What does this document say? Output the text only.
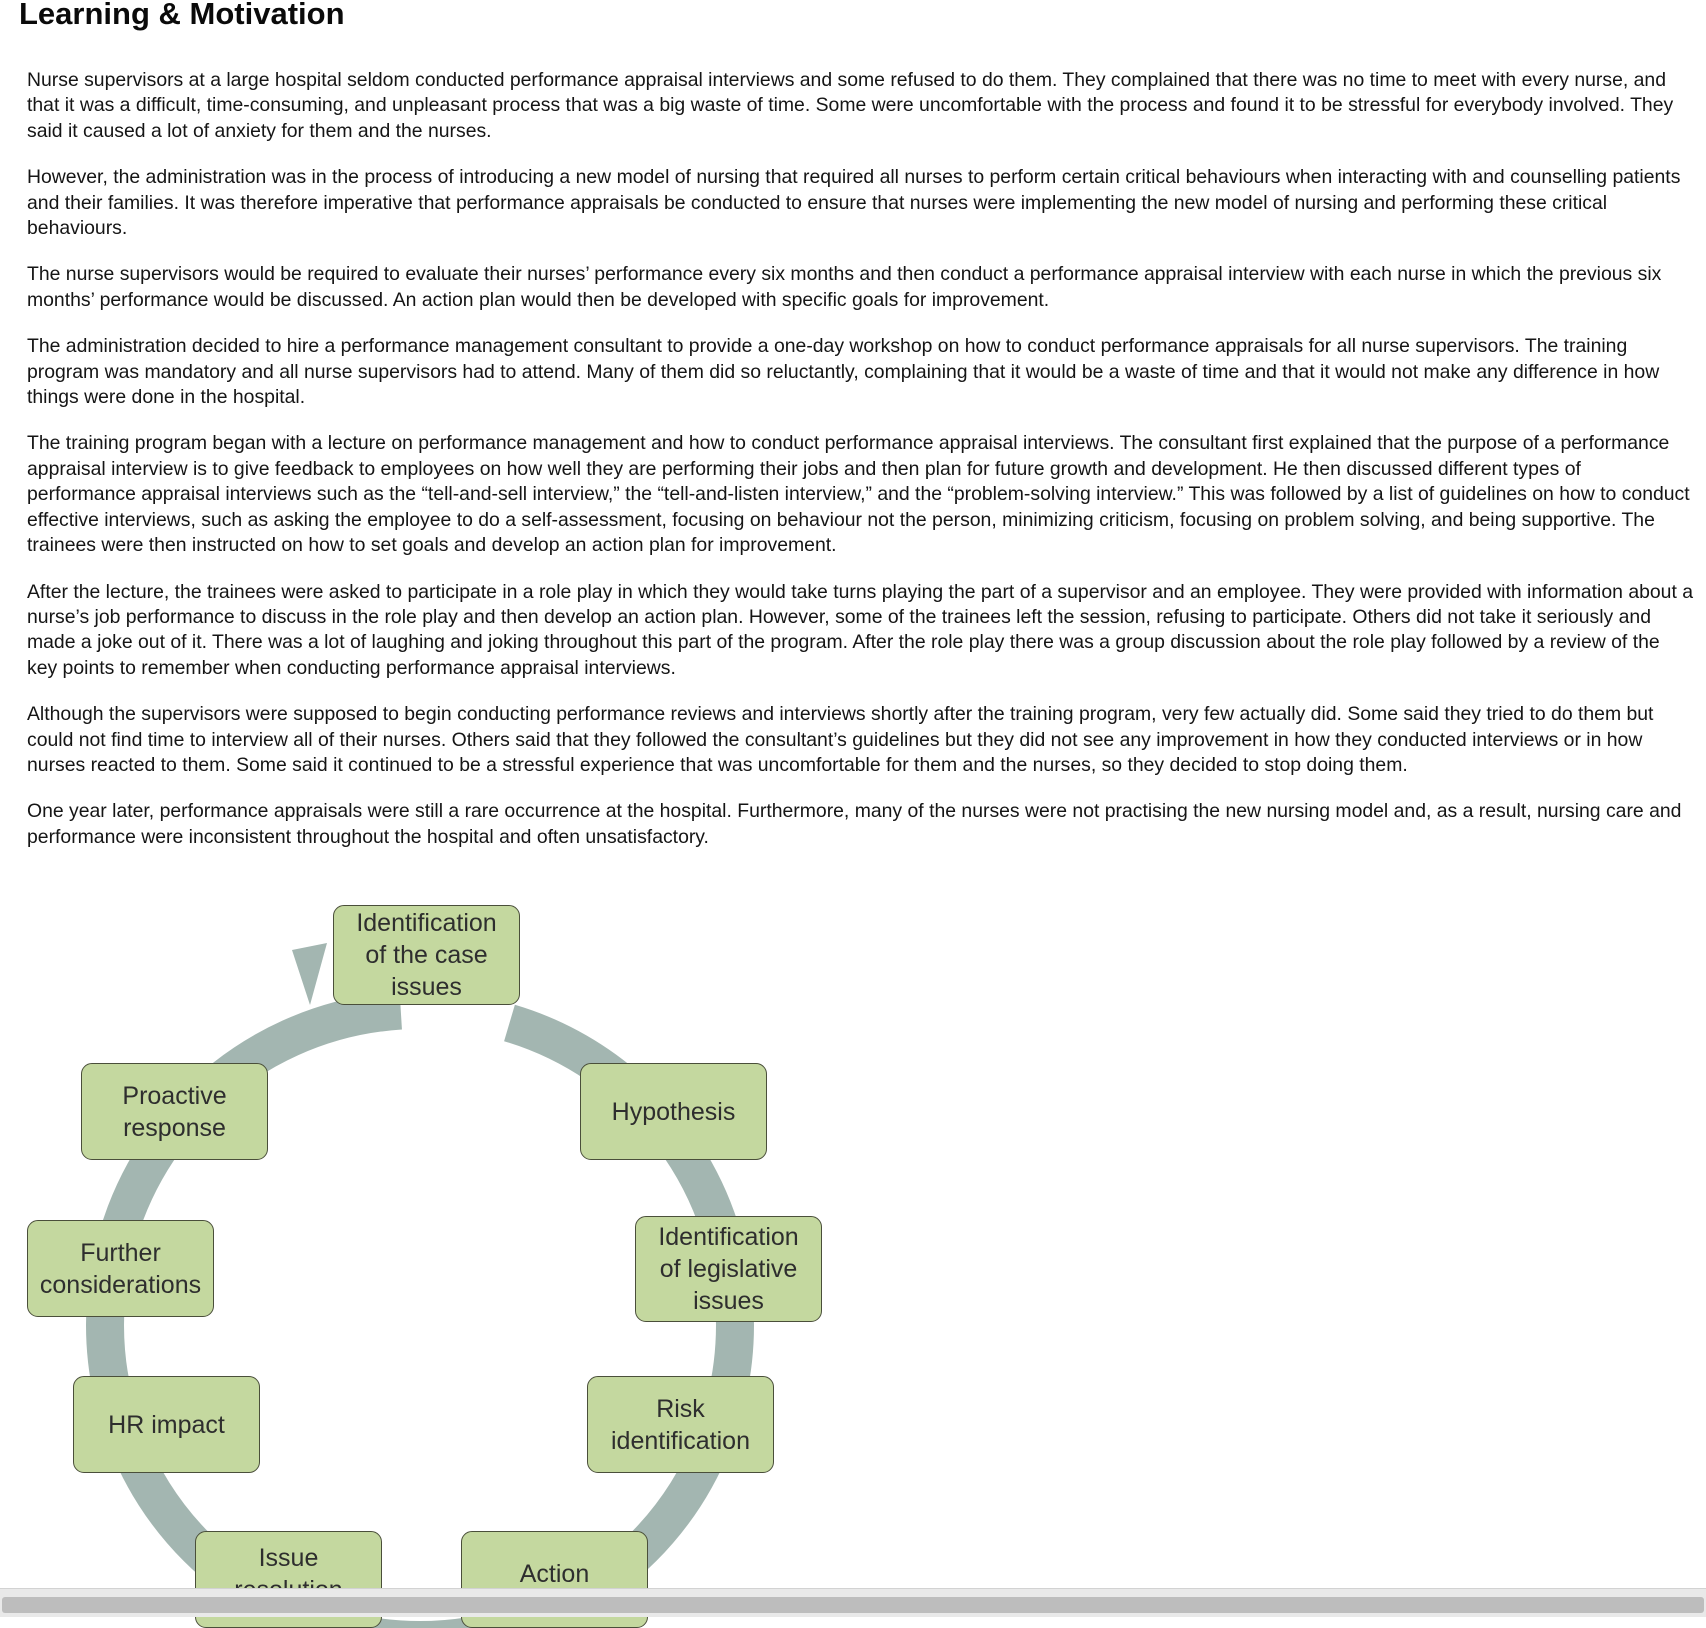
Learning & Motivation

Nurse supervisors at a large hospital seldom conducted performance appraisal interviews and some refused to do them. They complained that there was no time to meet with every nurse, and that it was a difficult, time-consuming, and unpleasant process that was a big waste of time. Some were uncomfortable with the process and found it to be stressful for everybody involved. They said it caused a lot of anxiety for them and the nurses.

However, the administration was in the process of introducing a new model of nursing that required all nurses to perform certain critical behaviours when interacting with and counselling patients and their families. It was therefore imperative that performance appraisals be conducted to ensure that nurses were implementing the new model of nursing and performing these critical behaviours.

The nurse supervisors would be required to evaluate their nurses’ performance every six months and then conduct a performance appraisal interview with each nurse in which the previous six months’ performance would be discussed. An action plan would then be developed with specific goals for improvement.

The administration decided to hire a performance management consultant to provide a one-day workshop on how to conduct performance appraisals for all nurse supervisors. The training program was mandatory and all nurse supervisors had to attend. Many of them did so reluctantly, complaining that it would be a waste of time and that it would not make any difference in how things were done in the hospital.

The training program began with a lecture on performance management and how to conduct performance appraisal interviews. The consultant first explained that the purpose of a performance appraisal interview is to give feedback to employees on how well they are performing their jobs and then plan for future growth and development. He then discussed different types of performance appraisal interviews such as the “tell-and-sell interview,” the “tell-and-listen interview,” and the “problem-solving interview.” This was followed by a list of guidelines on how to conduct effective interviews, such as asking the employee to do a self-assessment, focusing on behaviour not the person, minimizing criticism, focusing on problem solving, and being supportive. The trainees were then instructed on how to set goals and develop an action plan for improvement.

After the lecture, the trainees were asked to participate in a role play in which they would take turns playing the part of a supervisor and an employee. They were provided with information about a nurse’s job performance to discuss in the role play and then develop an action plan. However, some of the trainees left the session, refusing to participate. Others did not take it seriously and made a joke out of it. There was a lot of laughing and joking throughout this part of the program. After the role play there was a group discussion about the role play followed by a review of the key points to remember when conducting performance appraisal interviews.

Although the supervisors were supposed to begin conducting performance reviews and interviews shortly after the training program, very few actually did. Some said they tried to do them but could not find time to interview all of their nurses. Others said that they followed the consultant’s guidelines but they did not see any improvement in how they conducted interviews or in how nurses reacted to them. Some said it continued to be a stressful experience that was uncomfortable for them and the nurses, so they decided to stop doing them.

One year later, performance appraisals were still a rare occurrence at the hospital. Furthermore, many of the nurses were not practising the new nursing model and, as a result, nursing care and performance were inconsistent throughout the hospital and often unsatisfactory.

Identification
of the case
issues
Hypothesis
Identification
of legislative
issues
Risk
identification
Action
Issue

HR impact
Further
considerations
Proactive
response
